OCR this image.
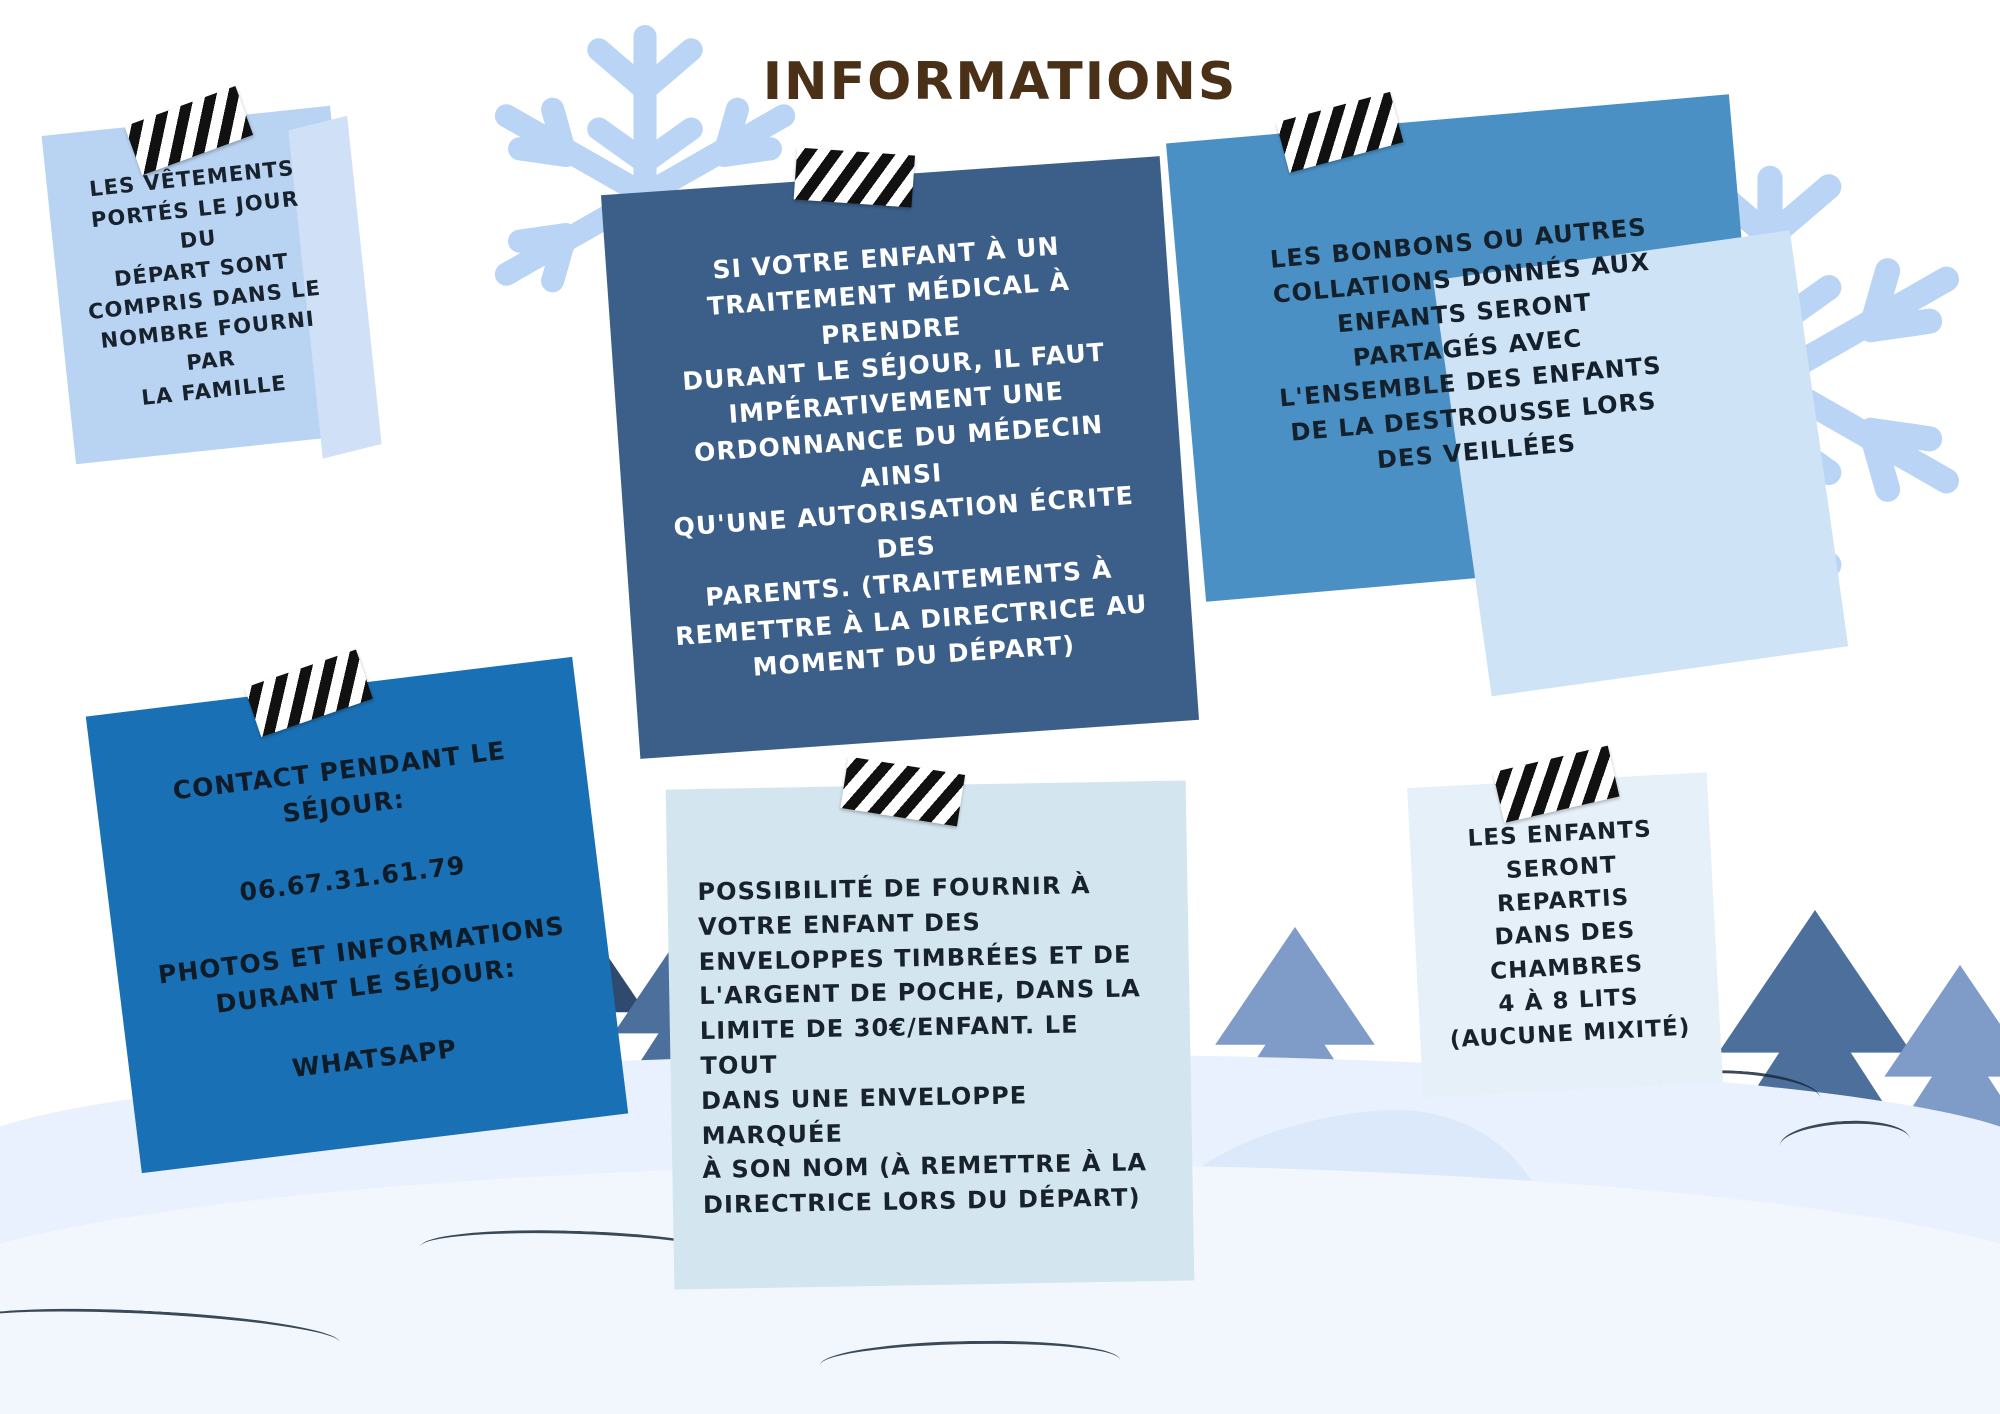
INFORMATIONS
LES VÊTEMENTS
PORTÉS LE JOUR DU
DÉPART SONT
COMPRIS DANS LE
NOMBRE FOURNI PAR
LA FAMILLE
SI VOTRE ENFANT À UN
TRAITEMENT MÉDICAL À PRENDRE
DURANT LE SÉJOUR, IL FAUT
IMPÉRATIVEMENT UNE
ORDONNANCE DU MÉDECIN AINSI
QU'UNE AUTORISATION ÉCRITE DES
PARENTS. (TRAITEMENTS À
REMETTRE À LA DIRECTRICE AU
MOMENT DU DÉPART)
LES BONBONS OU AUTRES
COLLATIONS DONNÉS AUX
ENFANTS SERONT
PARTAGÉS AVEC
L'ENSEMBLE DES ENFANTS
DE LA DESTROUSSE LORS
DES VEILLÉES
CONTACT PENDANT LE
SÉJOUR:

06.67.31.61.79

PHOTOS ET INFORMATIONS
DURANT LE SÉJOUR:

WHATSAPP
POSSIBILITÉ DE FOURNIR À
VOTRE ENFANT DES
ENVELOPPES TIMBRÉES ET DE
L'ARGENT DE POCHE, DANS LA
LIMITE DE 30€/ENFANT. LE TOUT
DANS UNE ENVELOPPE MARQUÉE
À SON NOM (À REMETTRE À LA
DIRECTRICE LORS DU DÉPART)
LES ENFANTS
SERONT REPARTIS
DANS DES
CHAMBRES
4 À 8 LITS
(AUCUNE MIXITÉ)
